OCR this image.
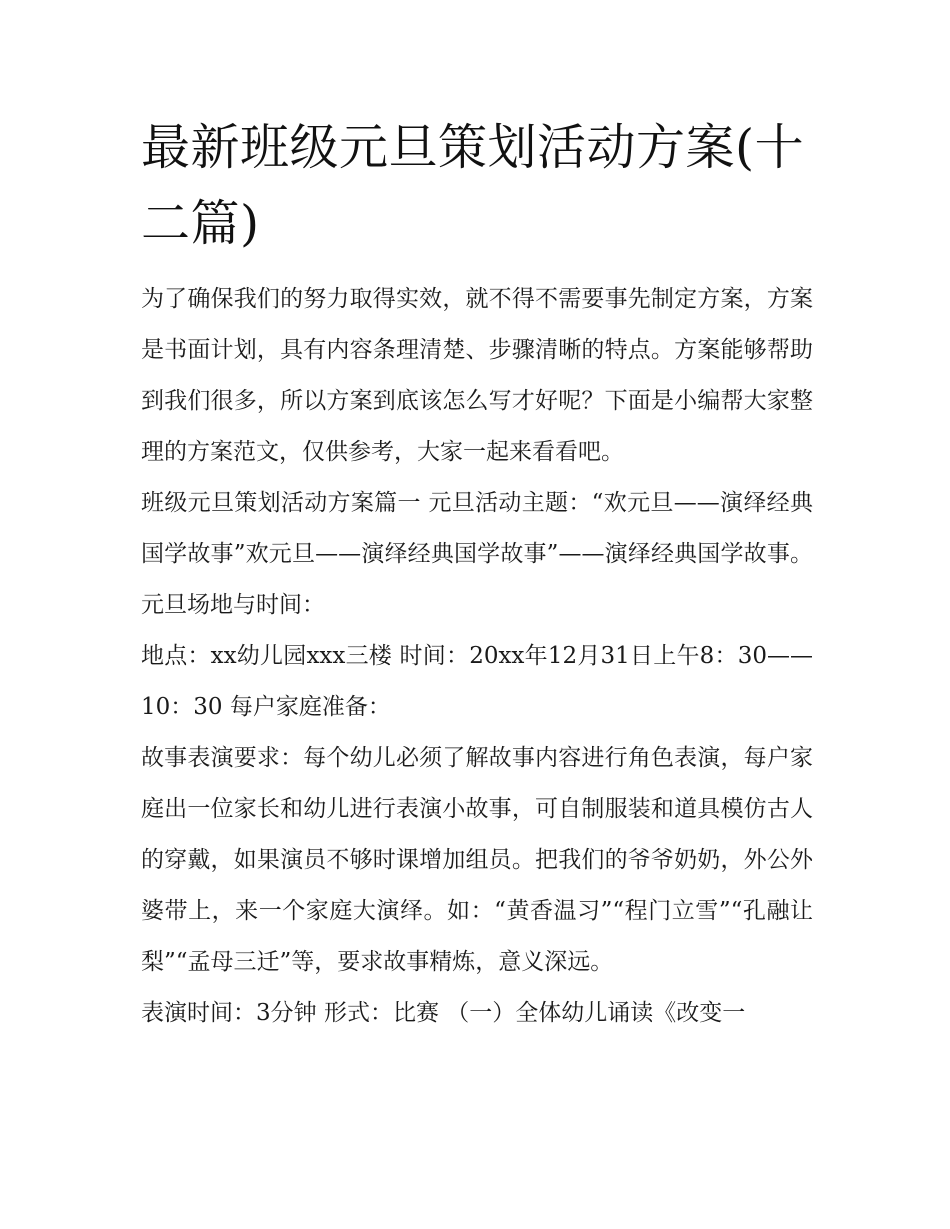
最新班级元旦策划活动方案(十二篇)

为了确保我们的努力取得实效，就不得不需要事先制定方案，方案是书面计划，具有内容条理清楚、步骤清晰的特点。方案能够帮助到我们很多，所以方案到底该怎么写才好呢？下面是小编帮大家整理的方案范文，仅供参考，大家一起来看看吧。

班级元旦策划活动方案篇一 元旦活动主题：“欢元旦——演绎经典国学故事”欢元旦——演绎经典国学故事”——演绎经典国学故事。 元旦场地与时间：

地点：xx幼儿园xxx三楼 时间：20xx年12月31日上午8：30——10：30 每户家庭准备：

故事表演要求：每个幼儿必须了解故事内容进行角色表演，每户家庭出一位家长和幼儿进行表演小故事，可自制服装和道具模仿古人的穿戴，如果演员不够时课增加组员。把我们的爷爷奶奶，外公外婆带上，来一个家庭大演绎。如：“黄香温习”“程门立雪”“孔融让梨”“孟母三迁”等，要求故事精炼，意义深远。

表演时间：3分钟 形式：比赛 （一）全体幼儿诵读《改变一
